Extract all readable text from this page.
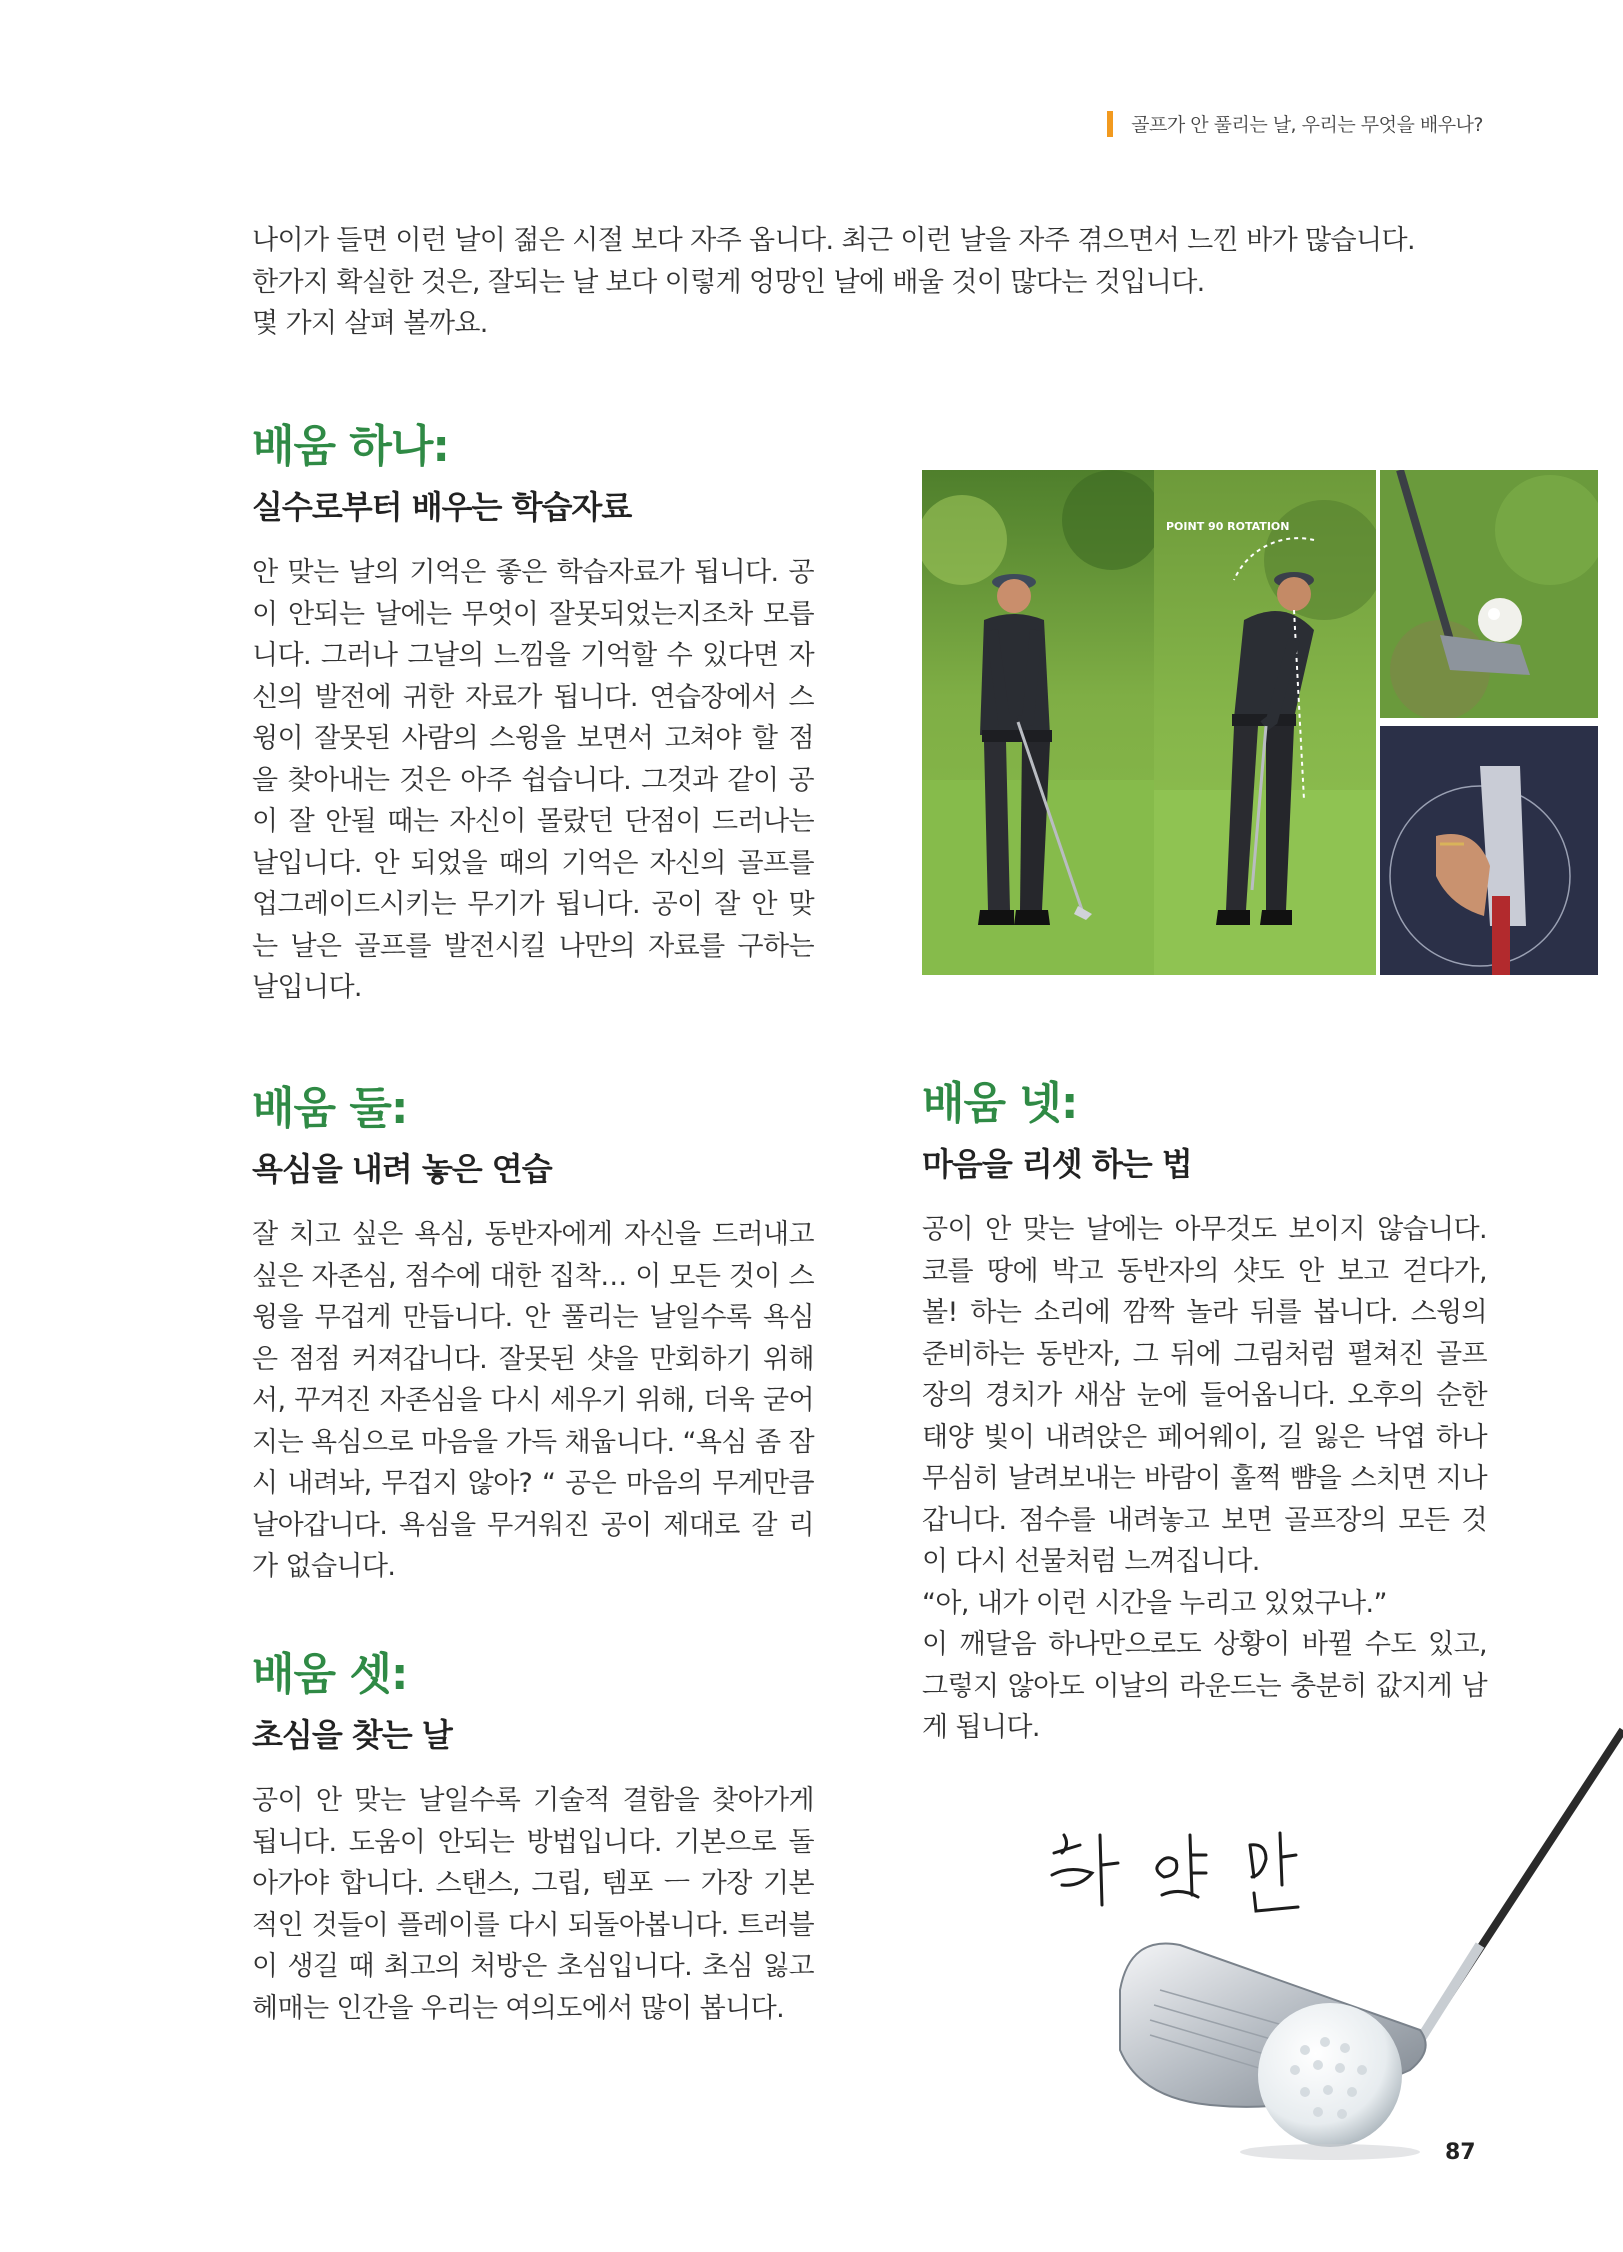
골프가 안 풀리는 날, 우리는 무엇을 배우나?

나이가 들면 이런 날이 젊은 시절 보다 자주 옵니다. 최근 이런 날을 자주 겪으면서 느낀 바가 많습니다.

한가지 확실한 것은, 잘되는 날 보다 이렇게 엉망인 날에 배울 것이 많다는 것입니다.

몇 가지 살펴 볼까요.

배움 하나:
실수로부터 배우는 학습자료

안 맞는 날의 기억은 좋은 학습자료가 됩니다. 공이 안되는 날에는 무엇이 잘못되었는지조차 모릅니다. 그러나 그날의 느낌을 기억할 수 있다면 자신의 발전에 귀한 자료가 됩니다. 연습장에서 스윙이 잘못된 사람의 스윙을 보면서 고쳐야 할 점을 찾아내는 것은 아주 쉽습니다. 그것과 같이 공이 잘 안될 때는 자신이 몰랐던 단점이 드러나는 날입니다. 안 되었을 때의 기억은 자신의 골프를 업그레이드시키는 무기가 됩니다. 공이 잘 안 맞는 날은 골프를 발전시킬 나만의 자료를 구하는 날입니다.

배움 둘:
욕심을 내려 놓은 연습

잘 치고 싶은 욕심, 동반자에게 자신을 드러내고 싶은 자존심, 점수에 대한 집착… 이 모든 것이 스윙을 무겁게 만듭니다. 안 풀리는 날일수록 욕심은 점점 커져갑니다. 잘못된 샷을 만회하기 위해서, 꾸겨진 자존심을 다시 세우기 위해, 더욱 굳어지는 욕심으로 마음을 가득 채웁니다. “욕심 좀 잠시 내려놔, 무겁지 않아? “ 공은 마음의 무게만큼 날아갑니다. 욕심을 무거워진 공이 제대로 갈 리가 없습니다.

배움 셋:
초심을 찾는 날

공이 안 맞는 날일수록 기술적 결함을 찾아가게 됩니다. 도움이 안되는 방법입니다. 기본으로 돌아가야 합니다. 스탠스, 그립, 템포 ㅡ 가장 기본적인 것들이 플레이를 다시 되돌아봅니다. 트러블이 생길 때 최고의 처방은 초심입니다. 초심 잃고 헤매는 인간을 우리는 여의도에서 많이 봅니다.

배움 넷:
마음을 리셋 하는 법

공이 안 맞는 날에는 아무것도 보이지 않습니다. 코를 땅에 박고 동반자의 샷도 안 보고 걷다가, 볼! 하는 소리에 깜짝 놀라 뒤를 봅니다. 스윙의 준비하는 동반자, 그 뒤에 그림처럼 펼쳐진 골프장의 경치가 새삼 눈에 들어옵니다. 오후의 순한 태양 빛이 내려앉은 페어웨이, 길 잃은 낙엽 하나 무심히 날려보내는 바람이 훌쩍 뺨을 스치면 지나갑니다. 점수를 내려놓고 보면 골프장의 모든 것이 다시 선물처럼 느껴집니다.

“아, 내가 이런 시간을 누리고 있었구나.”

이 깨달음 하나만으로도 상황이 바뀔 수도 있고, 그렇지 않아도 이날의 라운드는 충분히 값지게 남게 됩니다.

POINT 90 ROTATION
87
